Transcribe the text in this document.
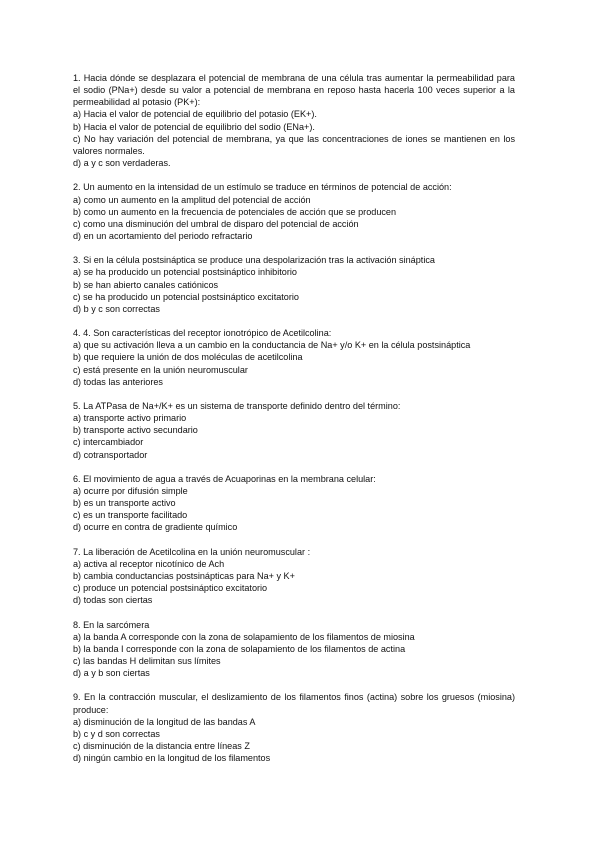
1. Hacia dónde se desplazara el potencial de membrana de una célula tras aumentar la permeabilidad para el sodio (PNa+) desde su valor a potencial de membrana en reposo hasta hacerla 100 veces superior a la permeabilidad al potasio (PK+):

a) Hacia el valor de potencial de equilibrio del potasio (EK+).

b) Hacia el valor de potencial de equilibrio del sodio (ENa+).

c) No hay variación del potencial de membrana, ya que las concentraciones de iones se mantienen en los valores normales.

d) a y c son verdaderas.

2. Un aumento en la intensidad de un estímulo se traduce en términos de potencial de acción:

a) como un aumento en la amplitud del potencial de acción

b) como un aumento en la frecuencia de potenciales de acción que se producen

c) como una disminución del umbral de disparo del potencial de acción

d) en un acortamiento del periodo refractario

3. Si en la célula postsináptica se produce una despolarización tras la activación sináptica

a) se ha producido un potencial postsináptico inhibitorio

b) se han abierto canales catiónicos

c) se ha producido un potencial postsináptico excitatorio

d) b y c son correctas

4. 4. Son características del receptor ionotrópico de Acetilcolina:

a) que su activación lleva a un cambio en la conductancia de Na+ y/o K+ en la célula postsináptica

b) que requiere la unión de dos moléculas de acetilcolina

c) está presente en la unión neuromuscular

d) todas las anteriores

5. La ATPasa de Na+/K+ es un sistema de transporte definido dentro del término:

a) transporte activo primario

b) transporte activo secundario

c) intercambiador

d) cotransportador

6. El movimiento de agua a través de Acuaporinas en la membrana celular:

a) ocurre por difusión simple

b) es un transporte activo

c) es un transporte facilitado

d) ocurre en contra de gradiente químico

7. La liberación de Acetilcolina en la unión neuromuscular :

a) activa al receptor nicotínico de Ach

b) cambia conductancias postsinápticas para Na+ y K+

c) produce un potencial postsináptico excitatorio

d) todas son ciertas

8. En la sarcómera

a) la banda A corresponde con la zona de solapamiento de los filamentos de miosina

b) la banda I corresponde con la zona de solapamiento de los filamentos de actina

c) las bandas H delimitan sus límites

d) a y b son ciertas

9. En la contracción muscular, el deslizamiento de los filamentos finos (actina) sobre los gruesos (miosina) produce:

a) disminución de la longitud de las bandas A

b) c y d son correctas

c) disminución de la distancia entre líneas Z

d) ningún cambio en la longitud de los filamentos
